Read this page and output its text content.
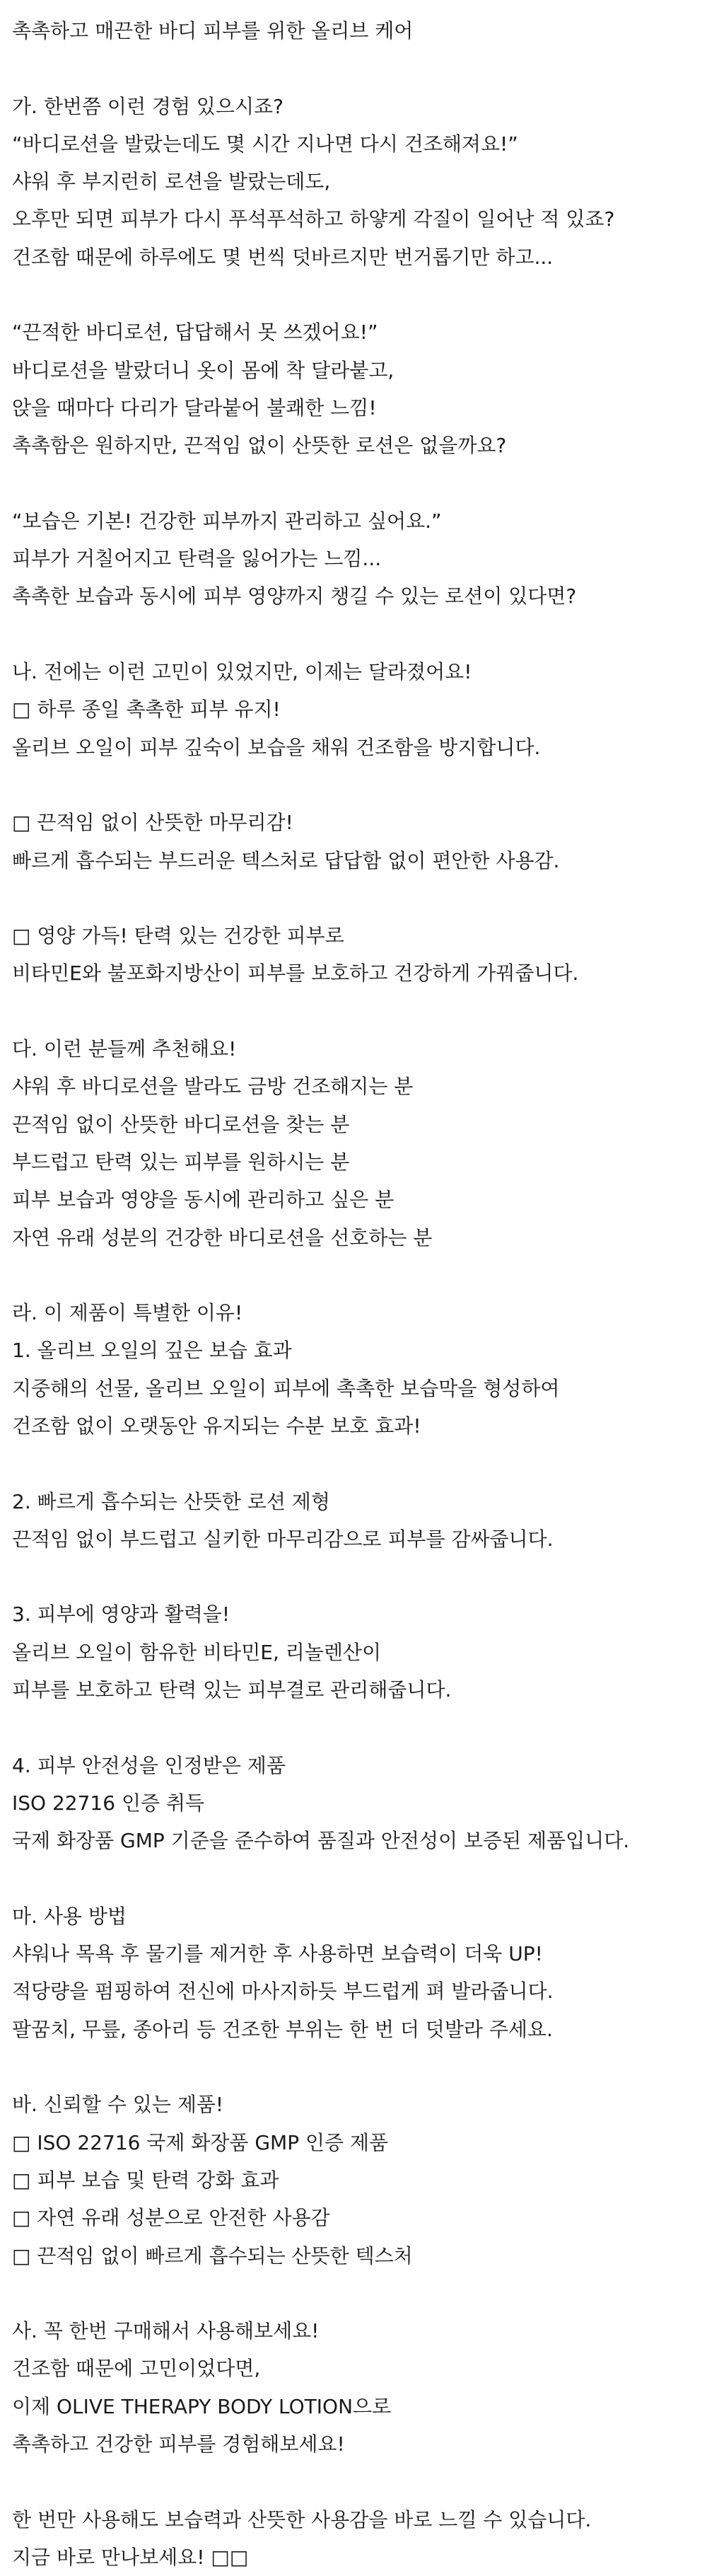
촉촉하고 매끈한 바디 피부를 위한 올리브 케어
가. 한번쯤 이런 경험 있으시죠?
“바디로션을 발랐는데도 몇 시간 지나면 다시 건조해져요!”
샤워 후 부지런히 로션을 발랐는데도,
오후만 되면 피부가 다시 푸석푸석하고 하얗게 각질이 일어난 적 있죠?
건조함 때문에 하루에도 몇 번씩 덧바르지만 번거롭기만 하고...
“끈적한 바디로션, 답답해서 못 쓰겠어요!”
바디로션을 발랐더니 옷이 몸에 착 달라붙고,
앉을 때마다 다리가 달라붙어 불쾌한 느낌!
촉촉함은 원하지만, 끈적임 없이 산뜻한 로션은 없을까요?
“보습은 기본! 건강한 피부까지 관리하고 싶어요.”
피부가 거칠어지고 탄력을 잃어가는 느낌...
촉촉한 보습과 동시에 피부 영양까지 챙길 수 있는 로션이 있다면?
나. 전에는 이런 고민이 있었지만, 이제는 달라졌어요!
□ 하루 종일 촉촉한 피부 유지!
올리브 오일이 피부 깊숙이 보습을 채워 건조함을 방지합니다.
□ 끈적임 없이 산뜻한 마무리감!
빠르게 흡수되는 부드러운 텍스처로 답답함 없이 편안한 사용감.
□ 영양 가득! 탄력 있는 건강한 피부로
비타민E와 불포화지방산이 피부를 보호하고 건강하게 가꿔줍니다.
다. 이런 분들께 추천해요!
샤워 후 바디로션을 발라도 금방 건조해지는 분
끈적임 없이 산뜻한 바디로션을 찾는 분
부드럽고 탄력 있는 피부를 원하시는 분
피부 보습과 영양을 동시에 관리하고 싶은 분
자연 유래 성분의 건강한 바디로션을 선호하는 분
라. 이 제품이 특별한 이유!
1. 올리브 오일의 깊은 보습 효과
지중해의 선물, 올리브 오일이 피부에 촉촉한 보습막을 형성하여
건조함 없이 오랫동안 유지되는 수분 보호 효과!
2. 빠르게 흡수되는 산뜻한 로션 제형
끈적임 없이 부드럽고 실키한 마무리감으로 피부를 감싸줍니다.
3. 피부에 영양과 활력을!
올리브 오일이 함유한 비타민E, 리놀렌산이
피부를 보호하고 탄력 있는 피부결로 관리해줍니다.
4. 피부 안전성을 인정받은 제품
ISO 22716 인증 취득
국제 화장품 GMP 기준을 준수하여 품질과 안전성이 보증된 제품입니다.
마. 사용 방법
샤워나 목욕 후 물기를 제거한 후 사용하면 보습력이 더욱 UP!
적당량을 펌핑하여 전신에 마사지하듯 부드럽게 펴 발라줍니다.
팔꿈치, 무릎, 종아리 등 건조한 부위는 한 번 더 덧발라 주세요.
바. 신뢰할 수 있는 제품!
□ ISO 22716 국제 화장품 GMP 인증 제품
□ 피부 보습 및 탄력 강화 효과
□ 자연 유래 성분으로 안전한 사용감
□ 끈적임 없이 빠르게 흡수되는 산뜻한 텍스처
사. 꼭 한번 구매해서 사용해보세요!
건조함 때문에 고민이었다면,
이제 OLIVE THERAPY BODY LOTION으로
촉촉하고 건강한 피부를 경험해보세요!
한 번만 사용해도 보습력과 산뜻한 사용감을 바로 느낄 수 있습니다.
지금 바로 만나보세요! □□
